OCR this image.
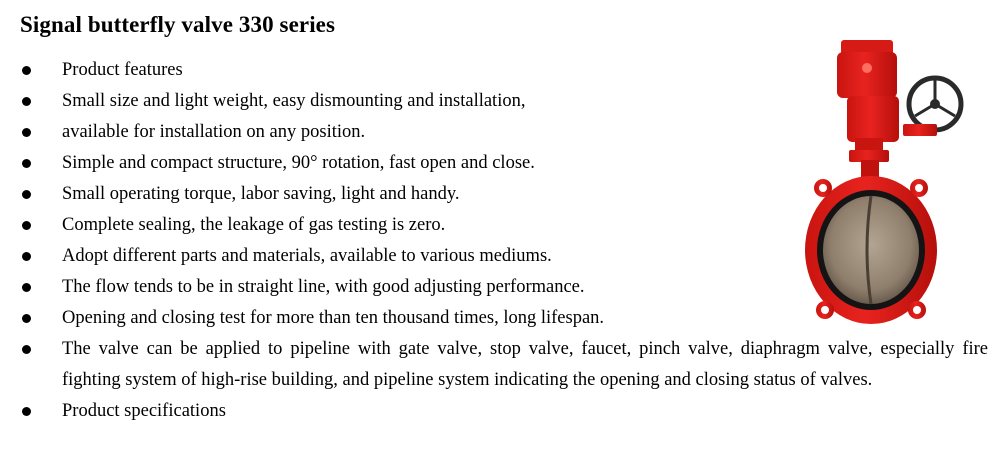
Signal butterfly valve 330 series
Product features
Small size and light weight, easy dismounting and installation,
available for installation on any position.
Simple and compact structure, 90° rotation, fast open and close.
Small operating torque, labor saving, light and handy.
Complete sealing, the leakage of gas testing is zero.
Adopt different parts and materials, available to various mediums.
The flow tends to be in straight line, with good adjusting performance.
Opening and closing test for more than ten thousand times, long lifespan.
The valve can be applied to pipeline with gate valve, stop valve, faucet, pinch valve, diaphragm valve, especially fire fighting system of high-rise building, and pipeline system indicating the opening and closing status of valves.
Product specifications
